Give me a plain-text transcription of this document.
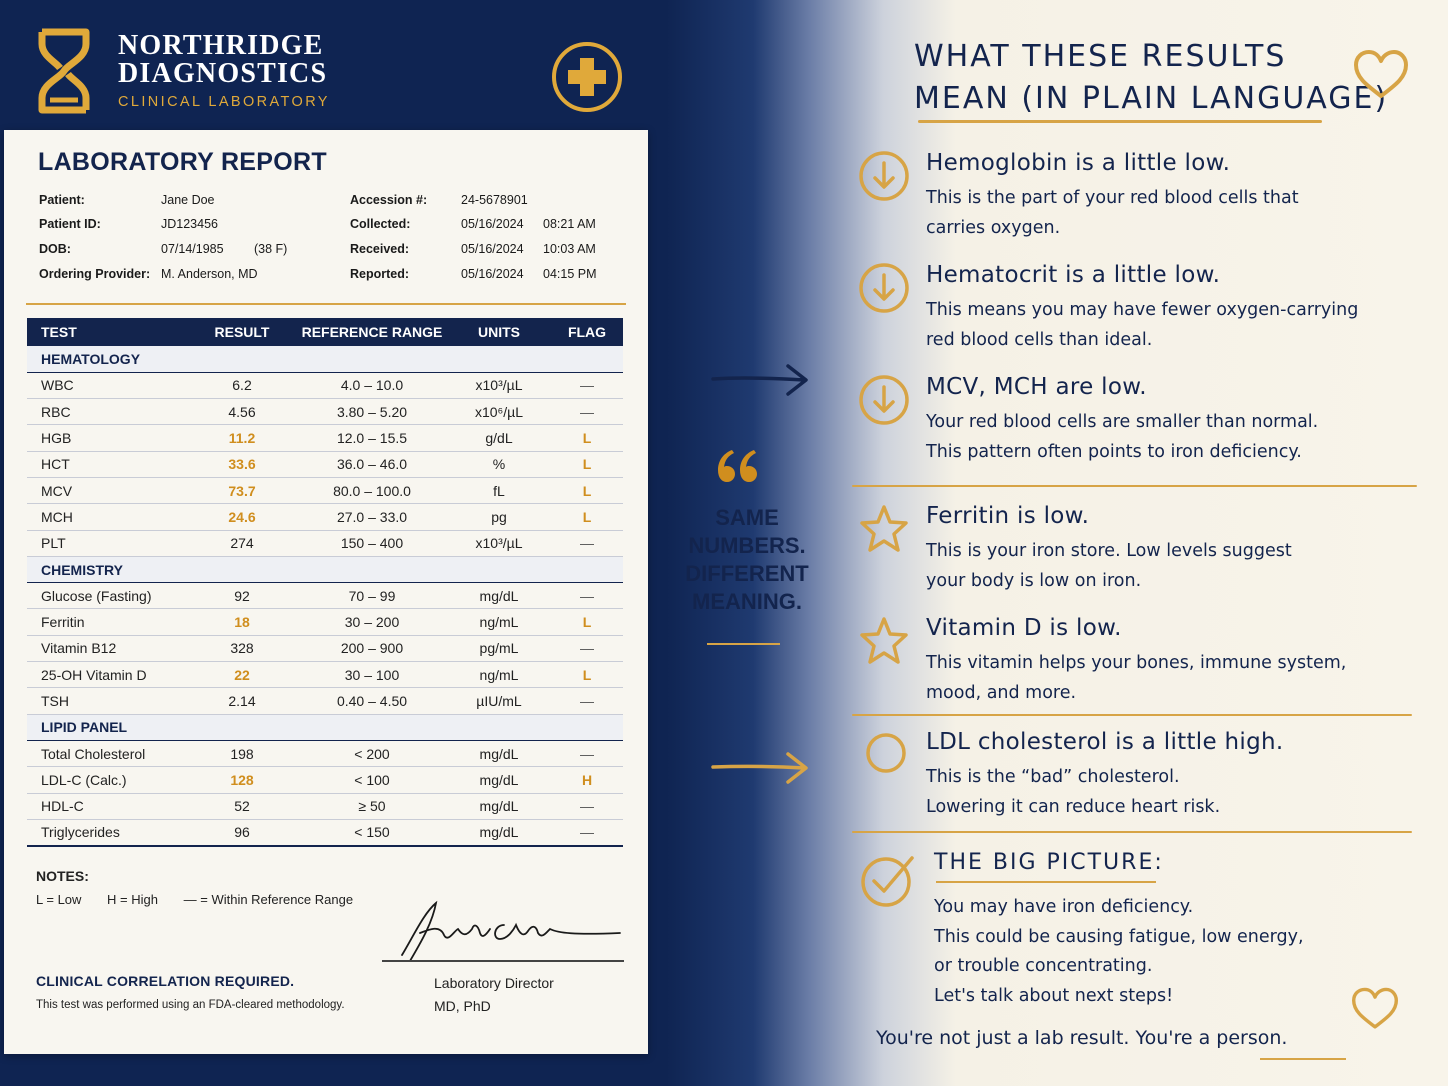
NORTHRIDGE
DIAGNOSTICS
CLINICAL LABORATORY
LABORATORY REPORT
Patient:	Jane Doe
Patient ID:	JD123456
DOB:	07/14/1985 (38 F)
Ordering Provider: M. Anderson, MD
Accession #:	24-5678901
Collected:	05/16/2024 08:21 AM
Received:	05/16/2024 10:03 AM
Reported:	05/16/2024 04:15 PM
TEST	RESULT	REFERENCE RANGE	UNITS	FLAG
HEMATOLOGY				
WBC	6.2	4.0 – 10.0	x10³/µL	—
RBC	4.56	3.80 – 5.20	x10⁶/µL	—
HGB	11.2	12.0 – 15.5	g/dL	L
HCT	33.6	36.0 – 46.0	%	L
MCV	73.7	80.0 – 100.0	fL	L
MCH	24.6	27.0 – 33.0	pg	L
PLT	274	150 – 400	x10³/µL	—
CHEMISTRY				
Glucose (Fasting)	92	70 – 99	mg/dL	—
Ferritin	18	30 – 200	ng/mL	L
Vitamin B12	328	200 – 900	pg/mL	—
25-OH Vitamin D	22	30 – 100	ng/mL	L
TSH	2.14	0.40 – 4.50	µIU/mL	—
LIPID PANEL				
Total Cholesterol	198	< 200	mg/dL	—
LDL-C (Calc.)	128	< 100	mg/dL	H
HDL-C	52	≥ 50	mg/dL	—
Triglycerides	96	< 150	mg/dL	—
NOTES:
L = Low H = High — = Within Reference Range
Laboratory Director
MD, PhD
CLINICAL CORRELATION REQUIRED.
This test was performed using an FDA-cleared methodology.
SAME
NUMBERS.
DIFFERENT
MEANING.
WHAT THESE RESULTS
MEAN (IN PLAIN LANGUAGE)
Hemoglobin is a little low.
This is the part of your red blood cells that
carries oxygen.
Hematocrit is a little low.
This means you may have fewer oxygen-carrying
red blood cells than ideal.
MCV, MCH are low.
Your red blood cells are smaller than normal.
This pattern often points to iron deficiency.
Ferritin is low.
This is your iron store. Low levels suggest
your body is low on iron.
Vitamin D is low.
This vitamin helps your bones, immune system,
mood, and more.
LDL cholesterol is a little high.
This is the “bad” cholesterol.
Lowering it can reduce heart risk.
THE BIG PICTURE:
You may have iron deficiency.
This could be causing fatigue, low energy,
or trouble concentrating.
Let's talk about next steps!
You're not just a lab result. You're a person.
